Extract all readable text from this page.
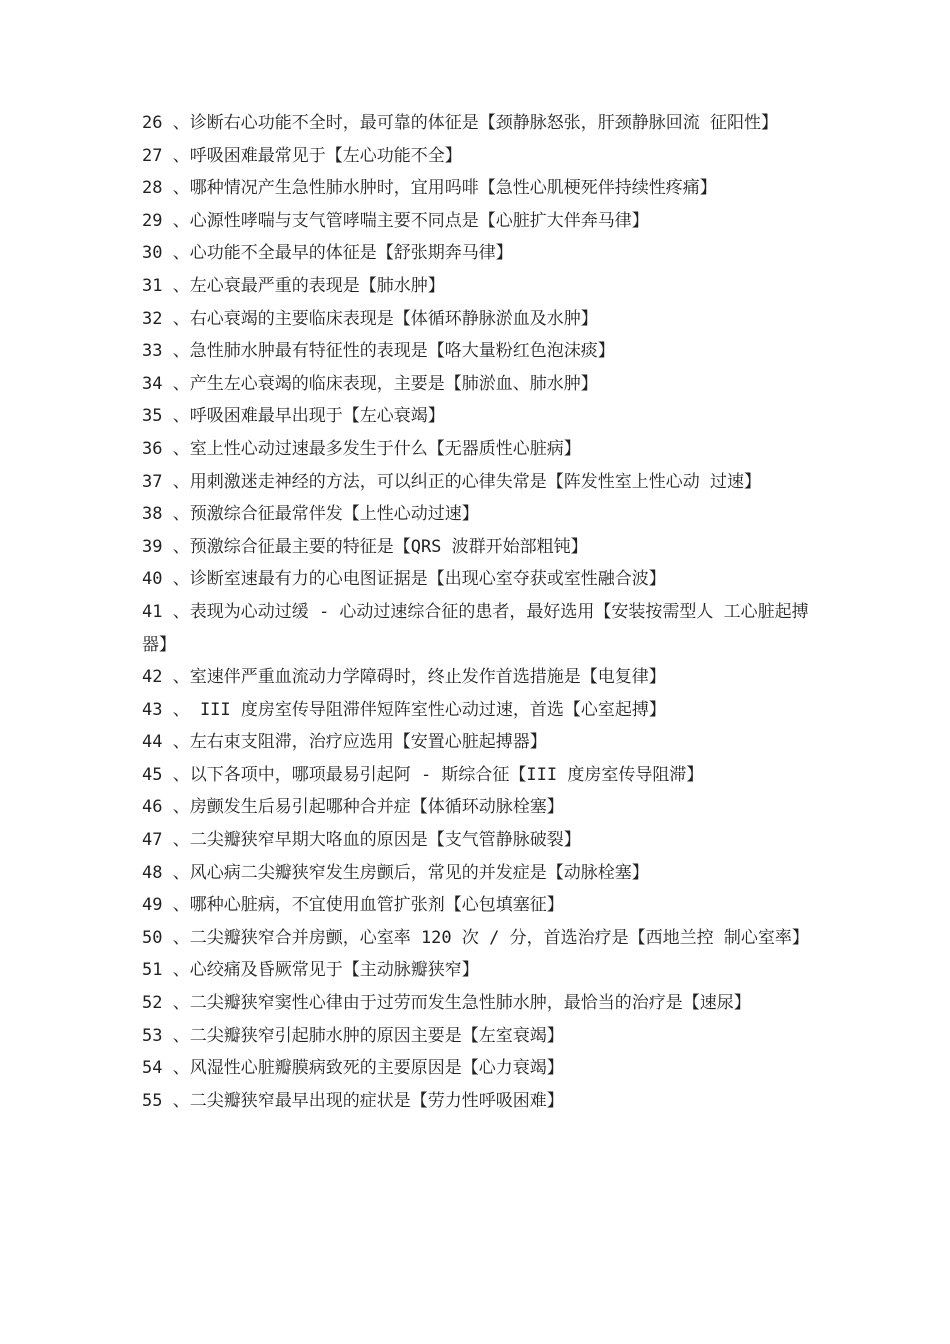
26 、诊断右心功能不全时，最可靠的体征是【颈静脉怒张，肝颈静脉回流 征阳性】
27 、呼吸困难最常见于【左心功能不全】
28 、哪种情况产生急性肺水肿时，宜用吗啡【急性心肌梗死伴持续性疼痛】
29 、心源性哮喘与支气管哮喘主要不同点是【心脏扩大伴奔马律】
30 、心功能不全最早的体征是【舒张期奔马律】
31 、左心衰最严重的表现是【肺水肿】
32 、右心衰竭的主要临床表现是【体循环静脉淤血及水肿】
33 、急性肺水肿最有特征性的表现是【咯大量粉红色泡沫痰】
34 、产生左心衰竭的临床表现，主要是【肺淤血、肺水肿】
35 、呼吸困难最早出现于【左心衰竭】
36 、室上性心动过速最多发生于什么【无器质性心脏病】
37 、用刺激迷走神经的方法，可以纠正的心律失常是【阵发性室上性心动 过速】
38 、预激综合征最常伴发【上性心动过速】
39 、预激综合征最主要的特征是【QRS 波群开始部粗钝】
40 、诊断室速最有力的心电图证据是【出现心室夺获或室性融合波】
41 、表现为心动过缓 - 心动过速综合征的患者，最好选用【安装按需型人 工心脏起搏器】
42 、室速伴严重血流动力学障碍时，终止发作首选措施是【电复律】
43 、 III 度房室传导阻滞伴短阵室性心动过速，首选【心室起搏】
44 、左右束支阻滞，治疗应选用【安置心脏起搏器】
45 、以下各项中，哪项最易引起阿 - 斯综合征【III 度房室传导阻滞】
46 、房颤发生后易引起哪种合并症【体循环动脉栓塞】
47 、二尖瓣狭窄早期大咯血的原因是【支气管静脉破裂】
48 、风心病二尖瓣狭窄发生房颤后，常见的并发症是【动脉栓塞】
49 、哪种心脏病，不宜使用血管扩张剂【心包填塞征】
50 、二尖瓣狭窄合并房颤，心室率 120 次 / 分，首选治疗是【西地兰控 制心室率】
51 、心绞痛及昏厥常见于【主动脉瓣狭窄】
52 、二尖瓣狭窄窦性心律由于过劳而发生急性肺水肿，最恰当的治疗是【速尿】
53 、二尖瓣狭窄引起肺水肿的原因主要是【左室衰竭】
54 、风湿性心脏瓣膜病致死的主要原因是【心力衰竭】
55 、二尖瓣狭窄最早出现的症状是【劳力性呼吸困难】
